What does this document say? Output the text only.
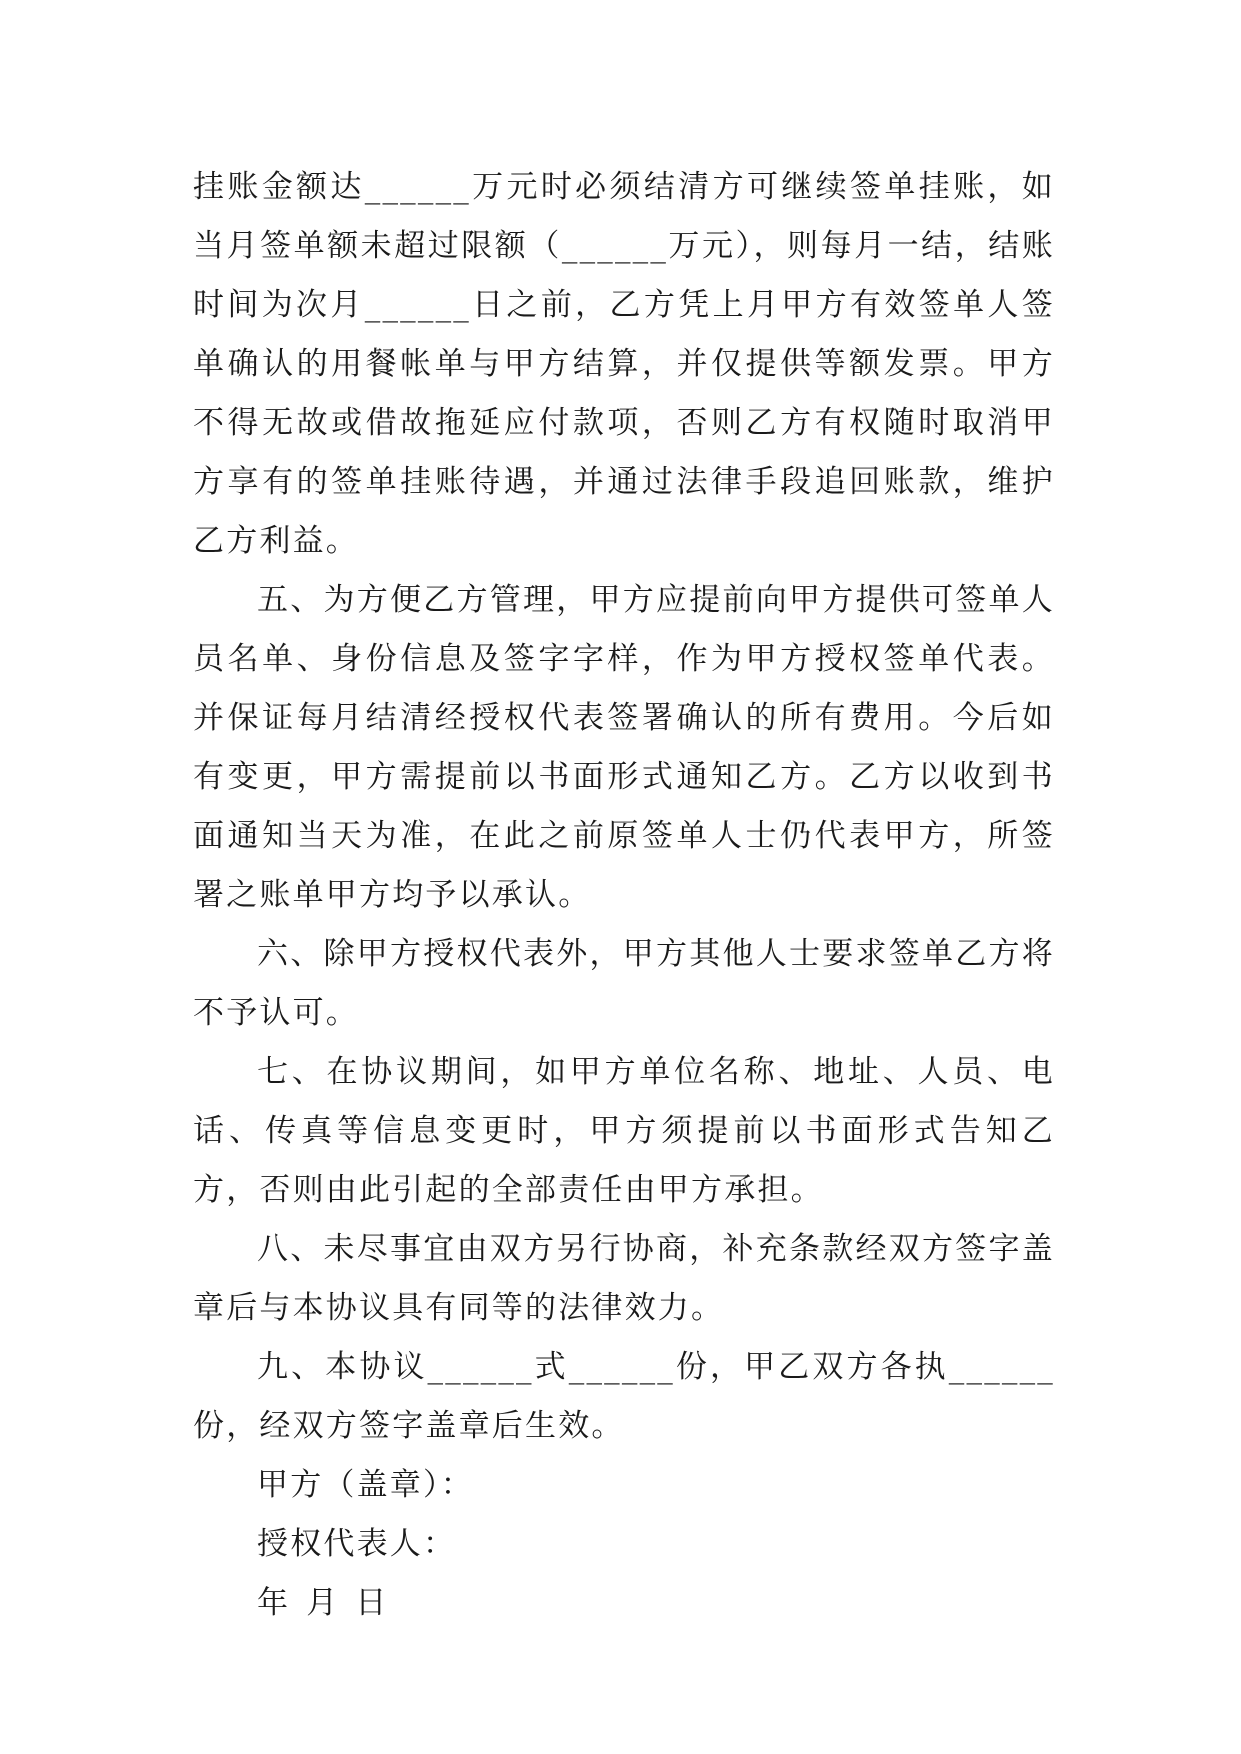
挂账金额达______万元时必须结清方可继续签单挂账，如当月签单额未超过限额（______万元），则每月一结，结账时间为次月______日之前，乙方凭上月甲方有效签单人签单确认的用餐帐单与甲方结算，并仅提供等额发票。甲方不得无故或借故拖延应付款项，否则乙方有权随时取消甲方享有的签单挂账待遇，并通过法律手段追回账款，维护乙方利益。

五、为方便乙方管理，甲方应提前向甲方提供可签单人员名单、身份信息及签字字样，作为甲方授权签单代表。并保证每月结清经授权代表签署确认的所有费用。今后如有变更，甲方需提前以书面形式通知乙方。乙方以收到书面通知当天为准，在此之前原签单人士仍代表甲方，所签署之账单甲方均予以承认。

六、除甲方授权代表外，甲方其他人士要求签单乙方将不予认可。

七、在协议期间，如甲方单位名称、地址、人员、电话、传真等信息变更时，甲方须提前以书面形式告知乙方，否则由此引起的全部责任由甲方承担。

八、未尽事宜由双方另行协商，补充条款经双方签字盖章后与本协议具有同等的法律效力。

九、本协议______式______份，甲乙双方各执______份，经双方签字盖章后生效。

甲方（盖章）：

授权代表人：

年 月 日
